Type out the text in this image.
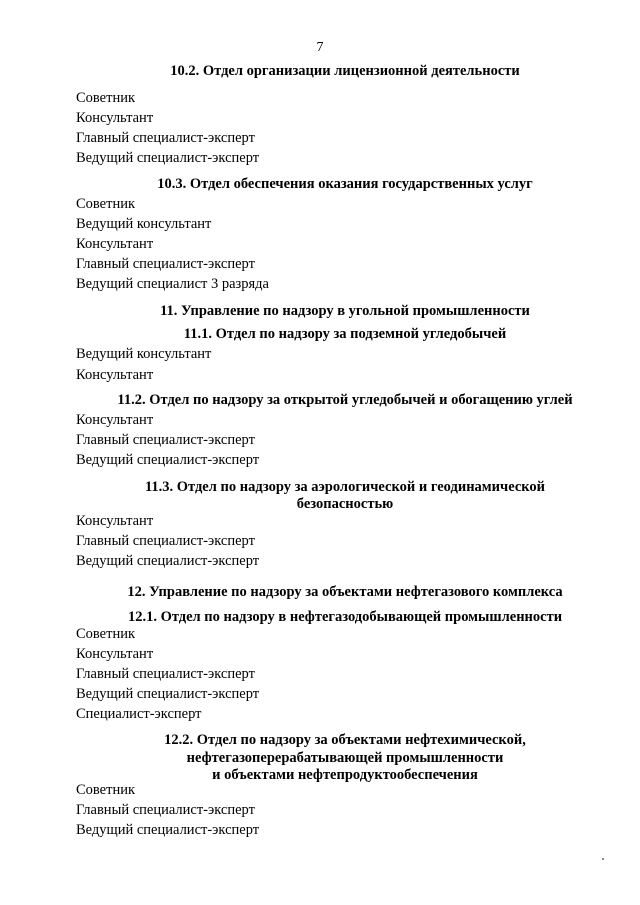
7
10.2. Отдел организации лицензионной деятельности
Советник
Консультант
Главный специалист-эксперт
Ведущий специалист-эксперт
10.3. Отдел обеспечения оказания государственных услуг
Советник
Ведущий консультант
Консультант
Главный специалист-эксперт
Ведущий специалист 3 разряда
11. Управление по надзору в угольной промышленности
11.1. Отдел по надзору за подземной угледобычей
Ведущий консультант
Консультант
11.2. Отдел по надзору за открытой угледобычей и обогащению углей
Консультант
Главный специалист-эксперт
Ведущий специалист-эксперт
11.3. Отдел по надзору за аэрологической и геодинамической
безопасностью
Консультант
Главный специалист-эксперт
Ведущий специалист-эксперт
12. Управление по надзору за объектами нефтегазового комплекса
12.1. Отдел по надзору в нефтегазодобывающей промышленности
Советник
Консультант
Главный специалист-эксперт
Ведущий специалист-эксперт
Специалист-эксперт
12.2. Отдел по надзору за объектами нефтехимической,
нефтегазоперерабатывающей промышленности
и объектами нефтепродуктообеспечения
Советник
Главный специалист-эксперт
Ведущий специалист-эксперт
